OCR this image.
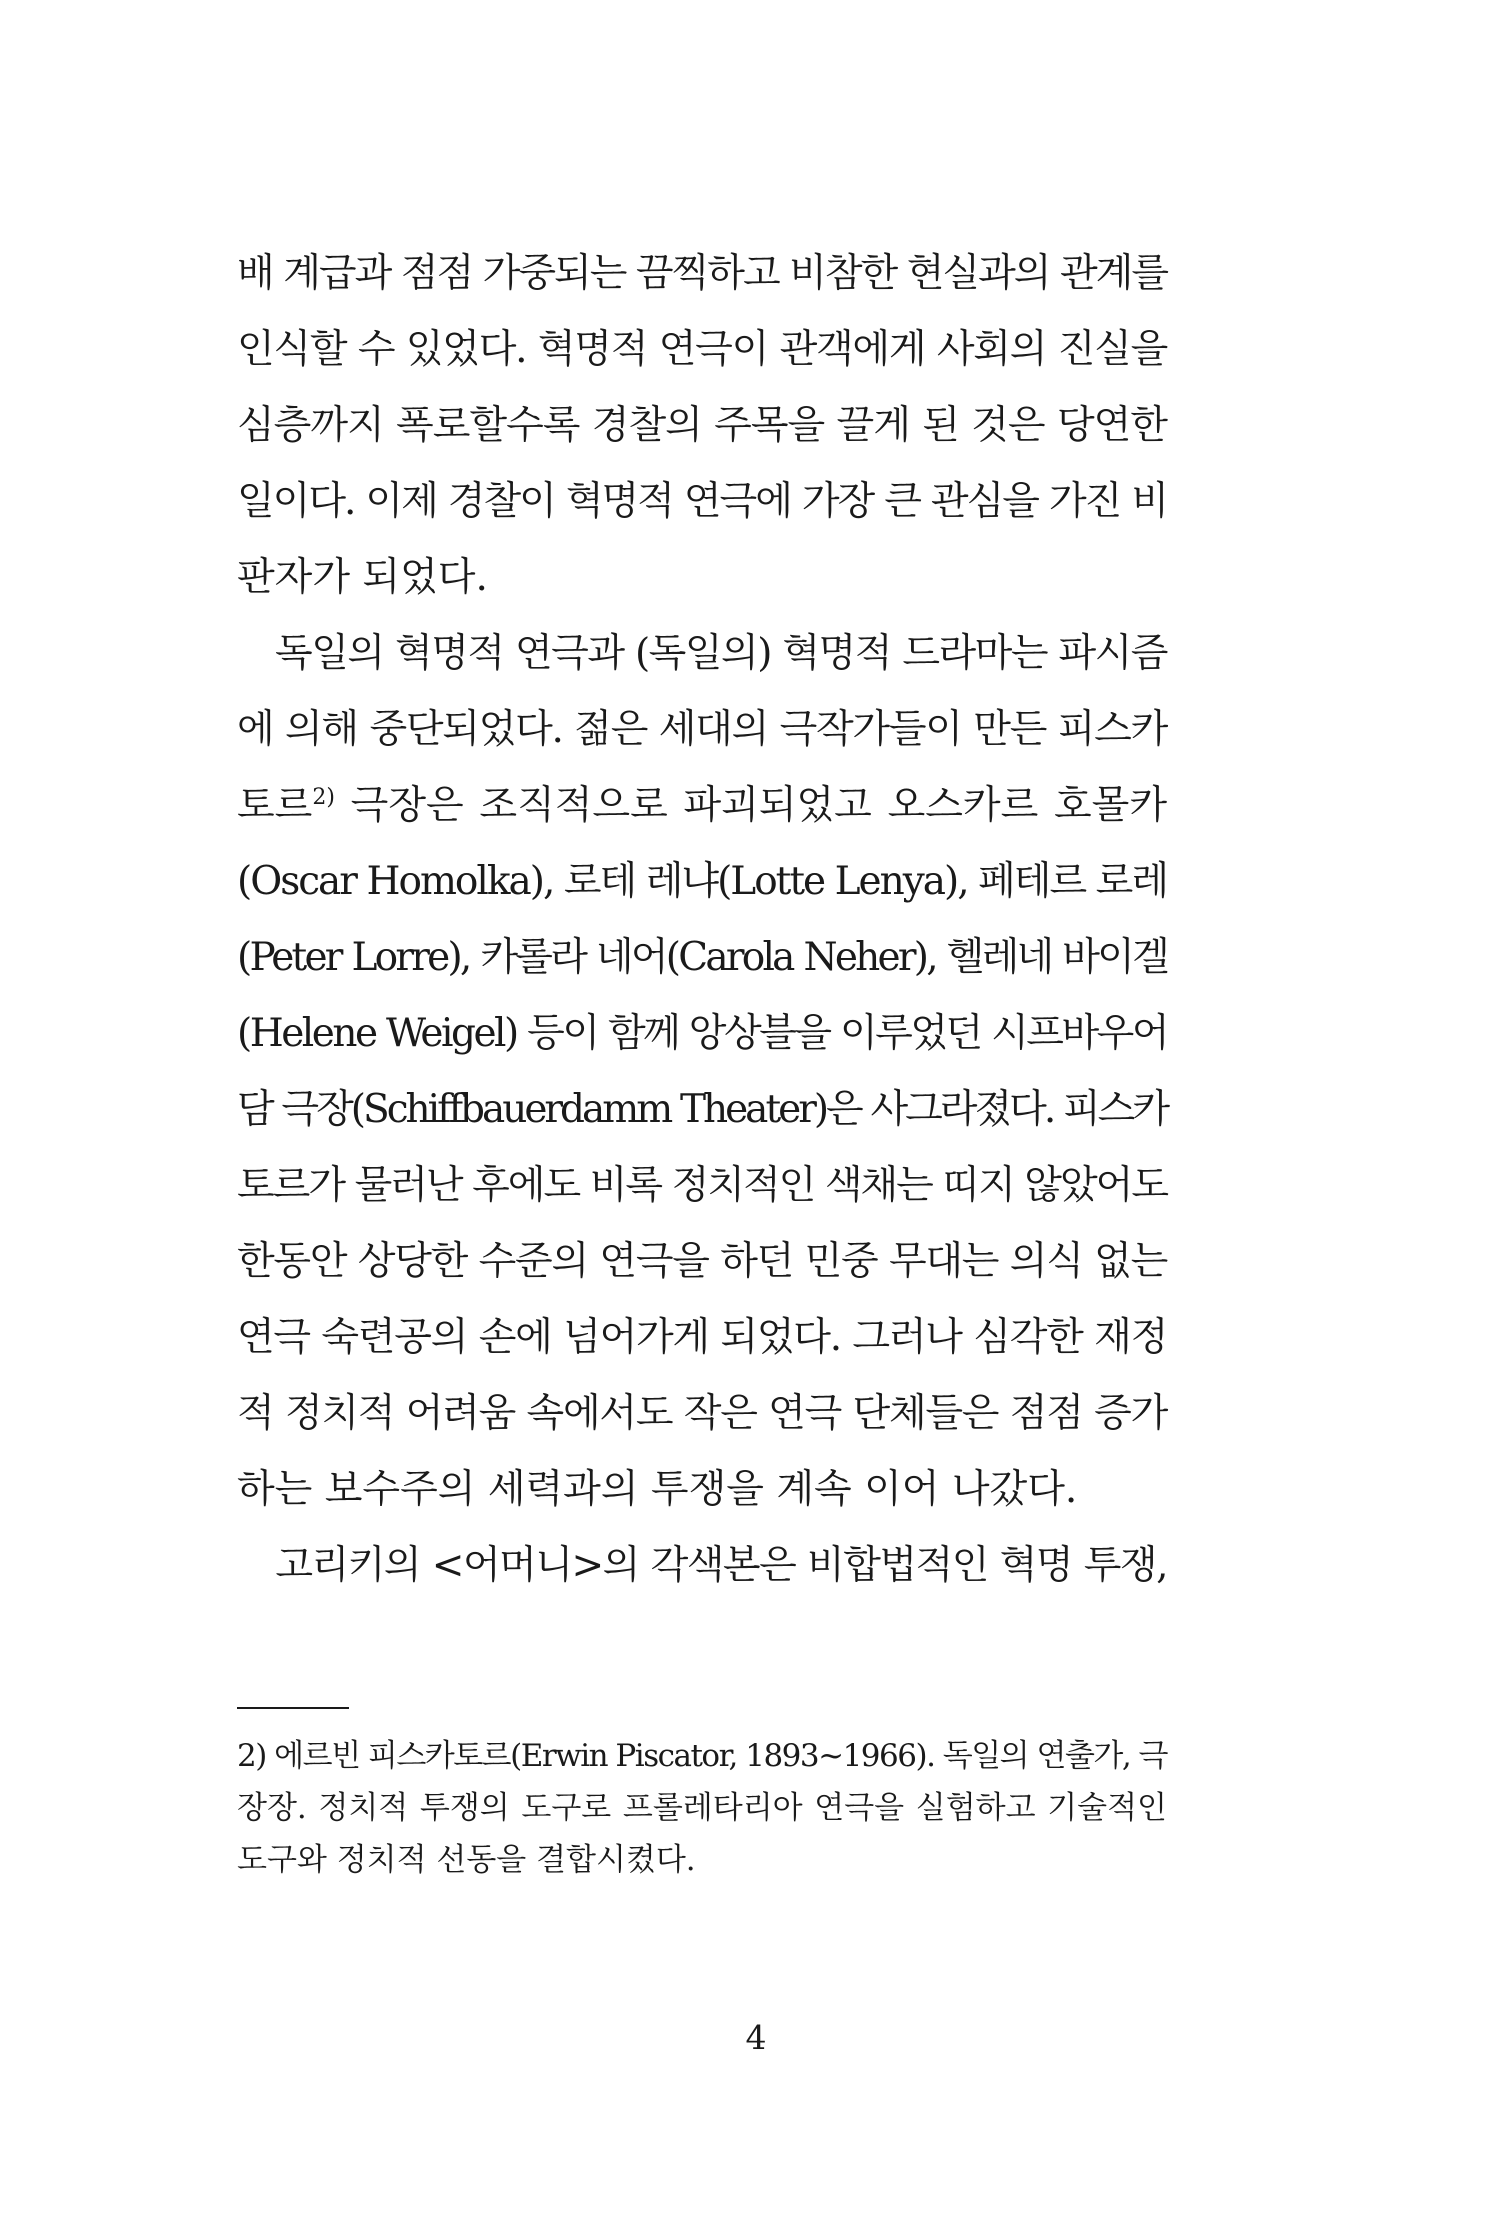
배 계급과 점점 가중되는 끔찍하고 비참한 현실과의 관계를
인식할 수 있었다. 혁명적 연극이 관객에게 사회의 진실을
심층까지 폭로할수록 경찰의 주목을 끌게 된 것은 당연한
일이다. 이제 경찰이 혁명적 연극에 가장 큰 관심을 가진 비
판자가 되었다.
　독일의 혁명적 연극과 (독일의) 혁명적 드라마는 파시즘
에 의해 중단되었다. 젊은 세대의 극작가들이 만든 피스카
토르$^{2)}$ 극장은 조직적으로 파괴되었고 오스카르 호몰카
(Oscar Homolka), 로테 레냐(Lotte Lenya), 페테르 로레
(Peter Lorre), 카롤라 네어(Carola Neher), 헬레네 바이겔
(Helene Weigel) 등이 함께 앙상블을 이루었던 시프바우어
담 극장(Schiffbauerdamm Theater)은 사그라졌다. 피스카
토르가 물러난 후에도 비록 정치적인 색채는 띠지 않았어도
한동안 상당한 수준의 연극을 하던 민중 무대는 의식 없는
연극 숙련공의 손에 넘어가게 되었다. 그러나 심각한 재정
적 정치적 어려움 속에서도 작은 연극 단체들은 점점 증가
하는 보수주의 세력과의 투쟁을 계속 이어 나갔다.
　고리키의 <어머니>의 각색본은 비합법적인 혁명 투쟁,
2) 에르빈 피스카토르(Erwin Piscator, 1893~1966). 독일의 연출가, 극
장장. 정치적 투쟁의 도구로 프롤레타리아 연극을 실험하고 기술적인
도구와 정치적 선동을 결합시켰다.
4
